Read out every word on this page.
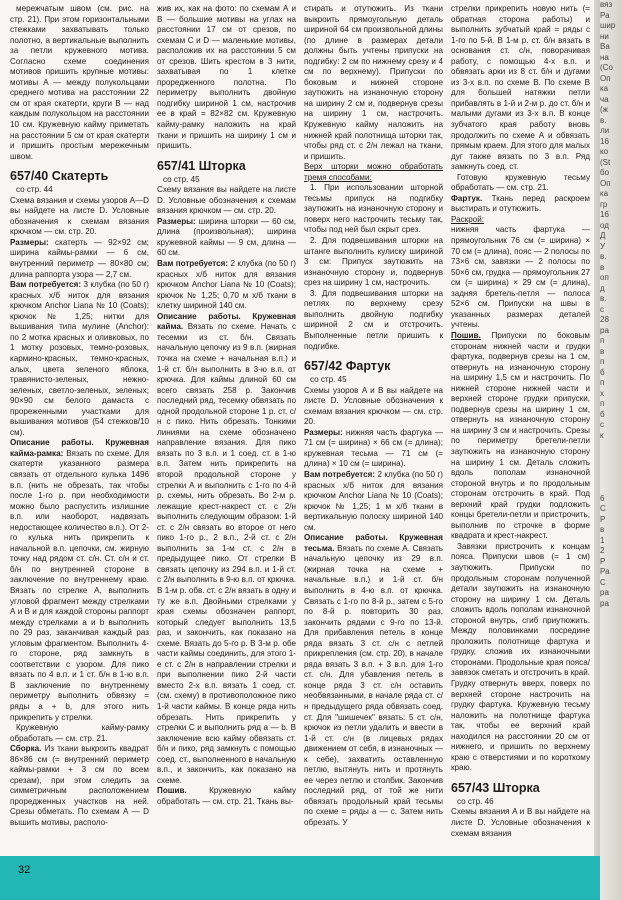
мережчатым швом (см. рис. на стр. 21). При этом горизонтальными стежками захватывать только полотно, а вертикальные выполнить за петли кружевного мотива. Согласно схеме соединения мотивов пришить крупные мотивы: мотивы A — между полукольцами среднего мотива на расстоянии 22 см от края скатерти, круги B — над каждым полукольцом на расстоянии 10 см. Кружевную кайму приметать на расстоянии 5 см от края скатерти и пришить простым мережечным швом.

657/40 Скатерть

со стр. 44

Схема вязания и схемы узоров A—D вы найдете на листе D. Условные обозначения к схемам вязания крючком — см. стр. 20.

Размеры: скатерть — 92×92 см; ширина каймы-рамки — 6 см, внутренний периметр — 80×80 см; длина раппорта узора — 2,7 см.

Вам потребуется: 3 клубка (по 50 г) красных х/б ниток для вязания крючком Anchor Liana № 10 (Coats); крючок № 1,25; нитки для вышивания типа мулине (Anchor): по 2 мотка красных и оливковых, по 1 мотку розовых, темно-розовых, кармино-красных, темно-красных, алых, цвета зеленого яблока, травянисто-зеленых, нежно-зеленых, светло-зеленых, зеленых; 90×90 см белого дамаста с прореженными участками для вышивания мотивов (54 стежков/10 см).

Описание работы. Кружевная кайма-рамка: Вязать по схеме. Для скатерти указанного размера связать от отдельного кулька 1496 в.п. (нить не обрезать, так чтобы после 1-го р. при необходимости можно было распустить излишние в.п. или наоборот, надвязать недостающее количество в.п.). От 2-го кулька нить прикрепить к начальной в.п. цепочки, см. жирную точку над рядом ст. с/н. Ст. с/н и ст. б/н по внутренней стороне в заключение по внутреннему краю. Вязать по стрелке А, выполнить угловой фрагмент между стрелками А и В и для каждой стороны раппорт между стрелками a и b выполнить по 29 раз, заканчивая каждый раз угловым фрагментом. Выполнить 4-го стороне, ряд замкнуть в соответствии с узором. Для пико вязать по 4 в.п. и 1 ст. б/н в 1-ю в.п. В заключение по внутреннему периметру выполнить обвязку = ряды a + b, для этого нить прикрепить у стрелки.

Кружевную кайму-рамку обработать — см. стр. 21.

Сборка. Из ткани выкроить квадрат 86×86 см (= внутренний периметр каймы-рамки + 3 см по всем срезам), при этом следить за симметричным расположением проредженных участков на ней. Срезы обметать. По схемам А — D вышить мотивы, располо-

жив их, как на фото: по схемам А и В — большие мотивы на углах на расстоянии 17 см от срезов, по схемам С и D — маленькие мотивы, расположив их на расстоянии 5 см от срезов. Шить крестом в 3 нити, захватывая по 1 клетке проредженного полотна. По периметру выполнить двойную подгибку шириной 1 см, настрочив ее в край = 82×82 см. Кружевную кайму-рамку наложить на край ткани и пришить на ширину 1 см и пришить.

657/41 Шторка

со стр. 45

Схему вязания вы найдете на листе D. Условные обозначения к схемам вязания крючком — см. стр. 20.

Размеры: ширина шторки — 60 см, длина (произвольная); ширина кружевной каймы — 9 см, длина — 60 см.

Вам потребуется: 2 клубка (по 50 г) красных х/б ниток для вязания крючком Anchor Liana № 10 (Coats); крючок № 1,25; 0,70 м х/б ткани в клетку шириной 140 см.

Описание работы. Кружевная кайма. Вязать по схеме. Начать с тесемки из ст. б/н. Связать начальную цепочку из 9 в.п. (жирная точка на схеме + начальная в.п.) и 1-й ст. б/н выполнить в 3-ю в.п. от крючка. Для каймы длиной 60 см всего связать 258 р. Закончив последний ряд, тесемку обвязать по одной продольной стороне 1 р. ст. с/н с пико. Нить обрезать. Тонкими линиями на схеме обозначено направление вязания. Для пико вязать по 3 в.п. и 1 соед. ст. в 1-ю в.п. Затем нить прикрепить на второй продольной стороне у стрелки А и выполнить с 1-го по 4-й р. схемы, нить обрезать. Во 2-м р. лежащие крест-накрест ст. с 2/н выполнить следующим образом: 1-й ст. с 2/н связать во второе от него пико 1-го р., 2 в.п., 2-й ст. с 2/н выполнить за 1-м ст. с 2/н в предыдущее пико. От стрелки В связать цепочку из 294 в.п. и 1-й ст. с 2/н выполнить в 9-ю в.п. от крючка. В 1-м р. обв. ст. с 2/н вязать в одну и ту же в.п. Двойными стрелками у края схемы обозначен раппорт, который следует выполнить 13,5 раз, и закончить, как показано на схеме. Вязать до 5-го р. В 3-м р. обе части каймы соединить, для этого 1-е ст. с 2/н в направлении стрелки и при выполнении пико 2-й части вместо 2-х в.п. вязать 1 соед. ст. (см. схему) в противоположное пико 1-й части каймы. В конце ряда нить обрезать. Нить прикрепить у стрелки С и выполнить ряд а — b. В заключение всю кайму обвязать ст. б/н и пико, ряд замкнуть с помощью соед. ст., выполненного в начальную в.п., и закончить, как показано на схеме.

Пошив.	Кружевную кайму обработать — см. стр. 21. Ткань вы-

стирать и отутюжить. Из ткани выкроить прямоугольную деталь шириной 64 см произвольной длины (по длине в размерах детали должны быть учтены припуски на подгибку: 2 см по нижнему срезу и 4 см по верхнему). Припуски по боковым и нижней стороне заутюжить на изнаночную сторону на ширину 2 см и, подвернув срезы на ширину 1 см, настрочить. Кружевную кайму наложить на нижней край полотнища шторки так, чтобы ряд ст. с 2/н лежал на ткани, и пришить.

Верх шторки можно обработать тремя способами:

1. При использовании шторной тесьмы припуск на подгибку заутюжить на изнаночную сторону и поверх него настрочить тесьму так, чтобы под ней был скрыт срез.

2. Для подвешивания шторки на штанге выполнить кулиску шириной 3 см: Припуск заутюжить на изнаночную сторону и, подвернув срез на ширину 1 см, настрочить.

3. Для подвешивания шторки на петлях по верхнему срезу выполнить двойную подгибку шириной 2 см и отстрочить. Выполненные петли пришить к подгибке.

657/42 Фартук

со стр. 45

Схемы узоров A и B вы найдете на листе D. Условные обозначения к схемам вязания крючком — см. стр. 20.

Размеры: нижняя часть фартука — 71 см (= ширина) × 66 см (= длина); кружевная тесьма — 71 см (= длина) × 10 см (= ширина).

Вам потребуется: 2 клубка (по 50 г) красных х/б ниток для вязания крючком Anchor Liana № 10 (Coats); крючок № 1,25; 1 м х/б ткани в вертикальную полоску шириной 140 см.

Описание работы. Кружевная тесьма. Вязать по схеме A. Связать начальную цепочку из 29 в.п. (жирная точка на схеме + начальные в.п.) и 1-й ст. б/н выполнить в 4-ю в.п. от крючка. Связать с 1-го по 8-й р., затем с 5-го по 8-й р. повторить 30 раз, закончить рядами с 9-го по 13-й. Для прибавления петель в конце ряда вязать 3 ст. с/н с петлей прикрепления (см. стр. 20), в начале ряда вязать 3 в.п. + 3 в.п. для 1-го ст. с/н. Для убавления петель в конце ряда 3 ст. с/н оставить необвязанными, в начале ряда ст. с/н предыдущего ряда обвязать соед. ст. Для "шишечек" вязать: 5 ст. с/н, крючок из петли удалить и ввести в 1-й ст. с/н (в лицевых рядах движением от себя, в изнаночных — к себе), захватить оставленную петлю, вытянуть нить и протянуть ее через петлю и столбик. Закончив последний ряд, от той же нити обвязать продольный край тесьмы по схеме = ряды а — c. Затем нить обрезать. У

стрелки прикрепить новую нить (= обратная сторона работы) и выполнить зубчатый край = ряды с 1-го по 5-й. В 1-м р. ст. б/н вязать в основания ст. с/н, поворачивая работу, с помощью 4-х в.п. и обвязать арки из 8 ст. б/н и дугами из 3-х в.п. по схеме В. По схеме В для большей натяжки петли прибавлять в 1-й и 2-м р. до ст. б/н и малыми дугами из 3-х в.п. В конце зубчатого края работу вновь продолжить по схеме А и обвязать прямым краем. Для этого для малых дуг также вязать по 3 в.п. Ряд замкнуть соед. ст.

Готовую кружевную тесьму обработать — см. стр. 21.

Фартук. Ткань перед раскроем выстирать и отутюжить.

Раскрой:

нижняя часть фартука — прямоугольник 76 см (= ширина) × 70 см (= длина), пояс — 2 полосы по 73×6 см, завязки — 2 полосы по 50×6 см, грудка — прямоугольник 27 см (= ширина) × 29 см (= длина), задняя бретель-петля — полоса 52×6 см. Припуски на швы в указанных размерах деталей учтены.

Пошив. Припуски по боковым сторонам нижней части и грудки фартука, подвернув срезы на 1 см, отвернуть на изнаночную сторону на ширину 1,5 см и настрочить. По нижней стороне нижней части и верхней стороне грудки припуски, подвернув срезы на ширину 1 см, отвернуть на изнаночную сторону на ширину 3 см и настрочить. Срезы по периметру бретели-петли заутюжить на изнаночную сторону на ширину 1 см. Деталь сложить вдоль пополам изнаночной стороной внутрь и по продольным сторонам отстрочить в край. Под верхний край грудки подложить концы бретели-петли и пристрочить, выполнив по строчке в форме квадрата и крест-накрест.

Завязки пристрочить к концам пояса. Припуски швов (= 1 см) заутюжить. Припуски по продольным сторонам полученной детали заутюжить на изнаночную сторону на ширину 1 см. Деталь сложить вдоль пополам изнаночной стороной внутрь, сгиб приутюжить. Между половинками посредине проложить полотнище фартука и грудку, сложив их изнаночными сторонами. Продольные края пояса/завязок сметать и отстрочить в край. Грудку отвернуть вверх, поверх по верхней стороне настрочить на грудку фартука. Кружевную тесьму наложить на полотнище фартука так, чтобы ее верхний край находился на расстоянии 20 см от нижнего, и пришить по верхнему краю с отверстиями и по короткому краю.

657/43 Шторка

со стр. 46

Схемы вязания A и B вы найдете на листе D. Условные обозначения к схемам вязания

вяз
Ра
шир
ни
Ва
на
(Co
Оп
ка
ча
(ж
в.
ли
16
ко
(St
бо
Оп
ка
гр
16
од
Д
У
в.
в
оп
д
в.
с
28
ра
п
в
п
б
п
х
п
б
с
к

6
С
Р
в
1
2
Р
Ра
С
ра
ра
32
